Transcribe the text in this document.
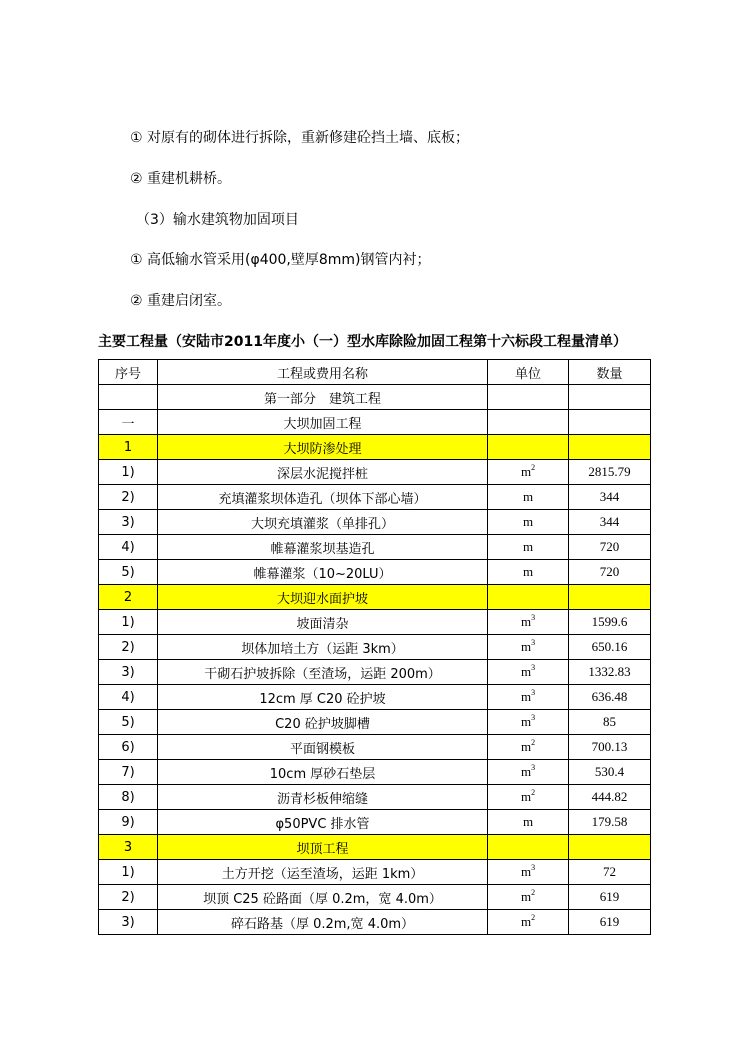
① 对原有的砌体进行拆除，重新修建砼挡土墙、底板；
② 重建机耕桥。
（3）输水建筑物加固项目
① 高低输水管采用(φ400,壁厚8mm)钢管内衬；
② 重建启闭室。
主要工程量（安陆市2011年度小（一）型水库除险加固工程第十六标段工程量清单）
序号	工程或费用名称	单位	数量
	第一部分　建筑工程		
一	大坝加固工程		
1	大坝防渗处理		
1)	深层水泥搅拌桩	$m^2$	2815.79
2)	充填灌浆坝体造孔（坝体下部心墙）	m	344
3)	大坝充填灌浆（单排孔）	m	344
4)	帷幕灌浆坝基造孔	m	720
5)	帷幕灌浆（10~20LU）	m	720
2	大坝迎水面护坡		
1)	坡面清杂	$m^3$	1599.6
2)	坝体加培土方（运距 3km）	$m^3$	650.16
3)	干砌石护坡拆除（至渣场，运距 200m）	$m^3$	1332.83
4)	12cm 厚 C20 砼护坡	$m^3$	636.48
5)	C20 砼护坡脚槽	$m^3$	85
6)	平面钢模板	$m^2$	700.13
7)	10cm 厚砂石垫层	$m^3$	530.4
8)	沥青杉板伸缩缝	$m^2$	444.82
9)	φ50PVC 排水管	m	179.58
3	坝顶工程		
1)	土方开挖（运至渣场，运距 1km）	$m^3$	72
2)	坝顶 C25 砼路面（厚 0.2m，宽 4.0m）	$m^2$	619
3)	碎石路基（厚 0.2m,宽 4.0m）	$m^2$	619
